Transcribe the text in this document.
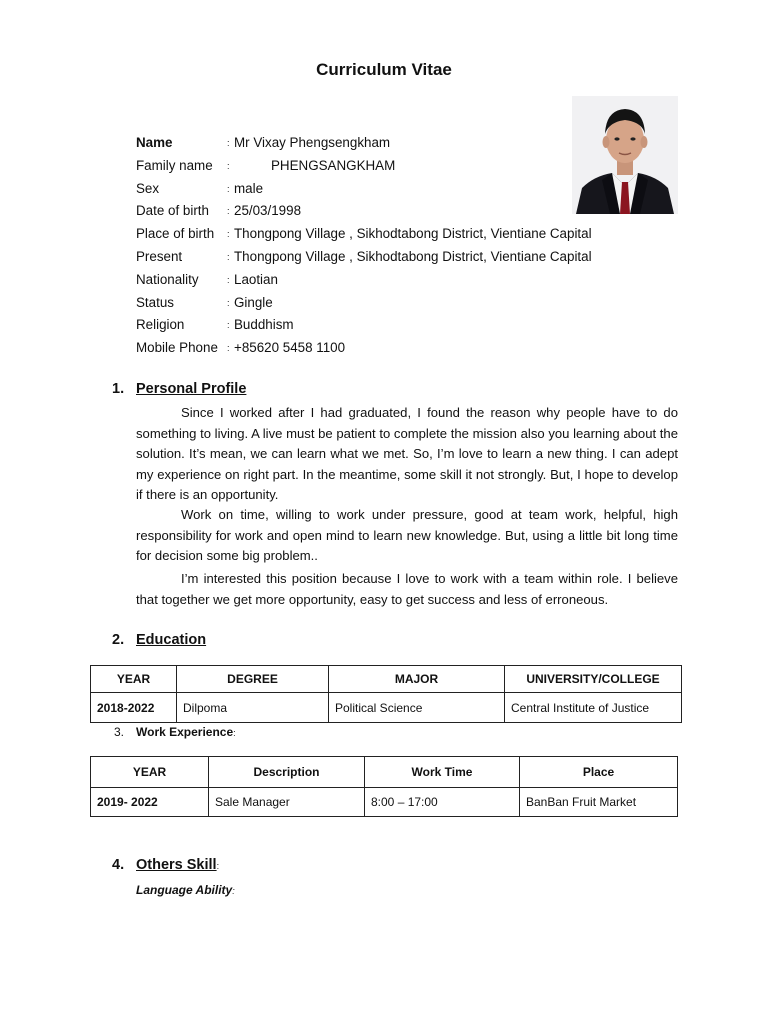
Curriculum Vitae
Name	: Mr Vixay Phengsengkham
Family name :	PHENGSANGKHAM
Sex	: male
Date of birth : 25/03/1998
Place of birth : Thongpong Village , Sikhodtabong District, Vientiane Capital
Present	: Thongpong Village , Sikhodtabong District, Vientiane Capital
Nationality	: Laotian
Status	: Gingle
Religion	: Buddhism
Mobile Phone : +85620 5458 1100
1. Personal Profile

Since I worked after I had graduated, I found the reason why people have to do something to living. A live must be patient to complete the mission also you learning about the solution. It’s mean, we can learn what we met. So, I’m love to learn a new thing. I can adept my experience on right part. In the meantime, some skill it not strongly. But, I hope to develop if there is an opportunity.

Work on time, willing to work under pressure, good at team work, helpful, high responsibility for work and open mind to learn new knowledge. But, using a little bit long time for decision some big problem..

I’m interested this position because I love to work with a team within role. I believe that together we get more opportunity, easy to get success and less of erroneous.

2. Education
YEAR	DEGREE	MAJOR	UNIVERSITY/COLLEGE
2018-2022	Dilpoma	Political Science	Central Institute of Justice
3. Work Experience:
YEAR	Description	Work Time	Place
2019- 2022	Sale Manager	8:00 – 17:00	BanBan Fruit Market
4. Others Skill:
Language Ability:
